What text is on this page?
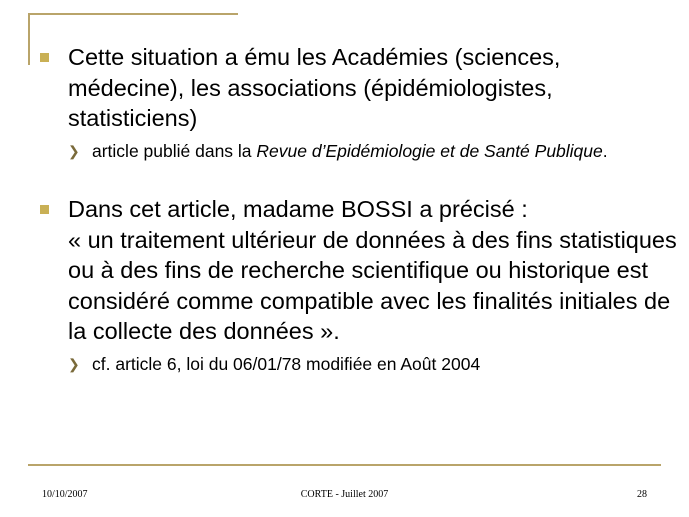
Cette situation a ému les Académies (sciences, médecine), les associations (épidémiologistes, statisticiens)
❯ article publié dans la Revue d’Epidémiologie et de Santé Publique.
Dans cet article, madame BOSSI a précisé :
« un traitement ultérieur de données à des fins statistiques ou à des fins de recherche scientifique ou historique est considéré comme compatible avec les finalités initiales de la collecte des données ».
❯ cf. article 6, loi du 06/01/78 modifiée en Août 2004
10/10/2007	CORTE - Juillet 2007	28
